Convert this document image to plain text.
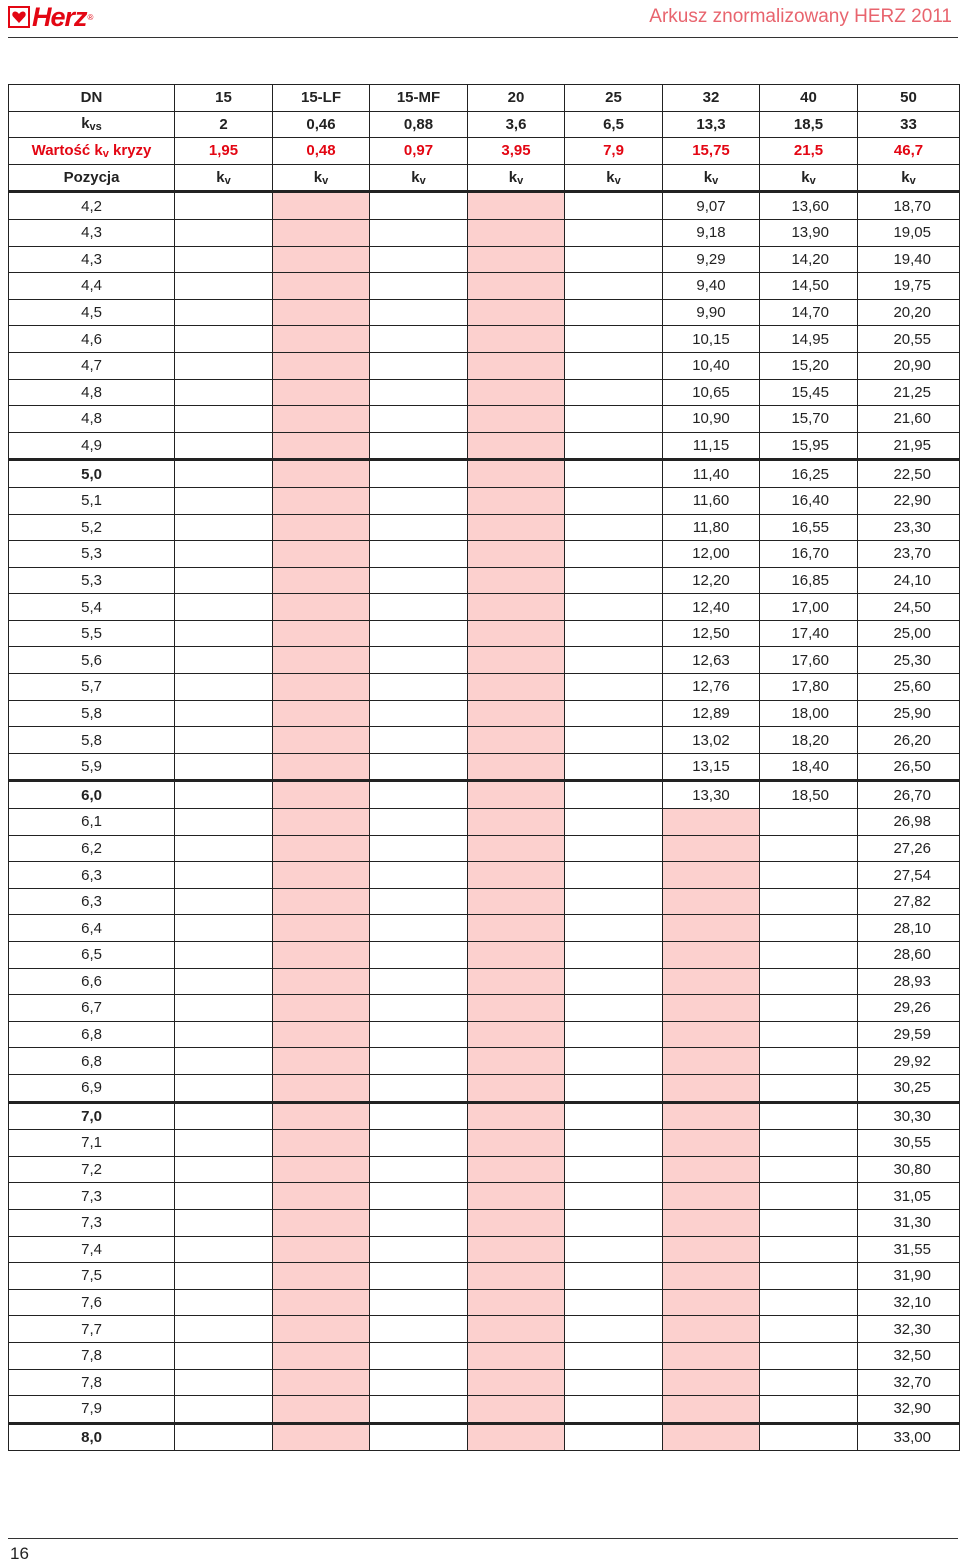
Herz ®	Arkusz znormalizowany HERZ 2011
DN	15	15-LF	15-MF	20	25	32	40	50
$k_{vs}$	2	0,46	0,88	3,6	6,5	13,3	18,5	33
Wartość $k_v$ kryzy	1,95	0,48	0,97	3,95	7,9	15,75	21,5	46,7
Pozycja	$k_v$	$k_v$	$k_v$	$k_v$	$k_v$	$k_v$	$k_v$	$k_v$
4,2						9,07	13,60	18,70
4,3						9,18	13,90	19,05
4,3						9,29	14,20	19,40
4,4						9,40	14,50	19,75
4,5						9,90	14,70	20,20
4,6						10,15	14,95	20,55
4,7						10,40	15,20	20,90
4,8						10,65	15,45	21,25
4,8						10,90	15,70	21,60
4,9						11,15	15,95	21,95
5,0						11,40	16,25	22,50
5,1						11,60	16,40	22,90
5,2						11,80	16,55	23,30
5,3						12,00	16,70	23,70
5,3						12,20	16,85	24,10
5,4						12,40	17,00	24,50
5,5						12,50	17,40	25,00
5,6						12,63	17,60	25,30
5,7						12,76	17,80	25,60
5,8						12,89	18,00	25,90
5,8						13,02	18,20	26,20
5,9						13,15	18,40	26,50
6,0						13,30	18,50	26,70
6,1								26,98
6,2								27,26
6,3								27,54
6,3								27,82
6,4								28,10
6,5								28,60
6,6								28,93
6,7								29,26
6,8								29,59
6,8								29,92
6,9								30,25
7,0								30,30
7,1								30,55
7,2								30,80
7,3								31,05
7,3								31,30
7,4								31,55
7,5								31,90
7,6								32,10
7,7								32,30
7,8								32,50
7,8								32,70
7,9								32,90
8,0								33,00
16
